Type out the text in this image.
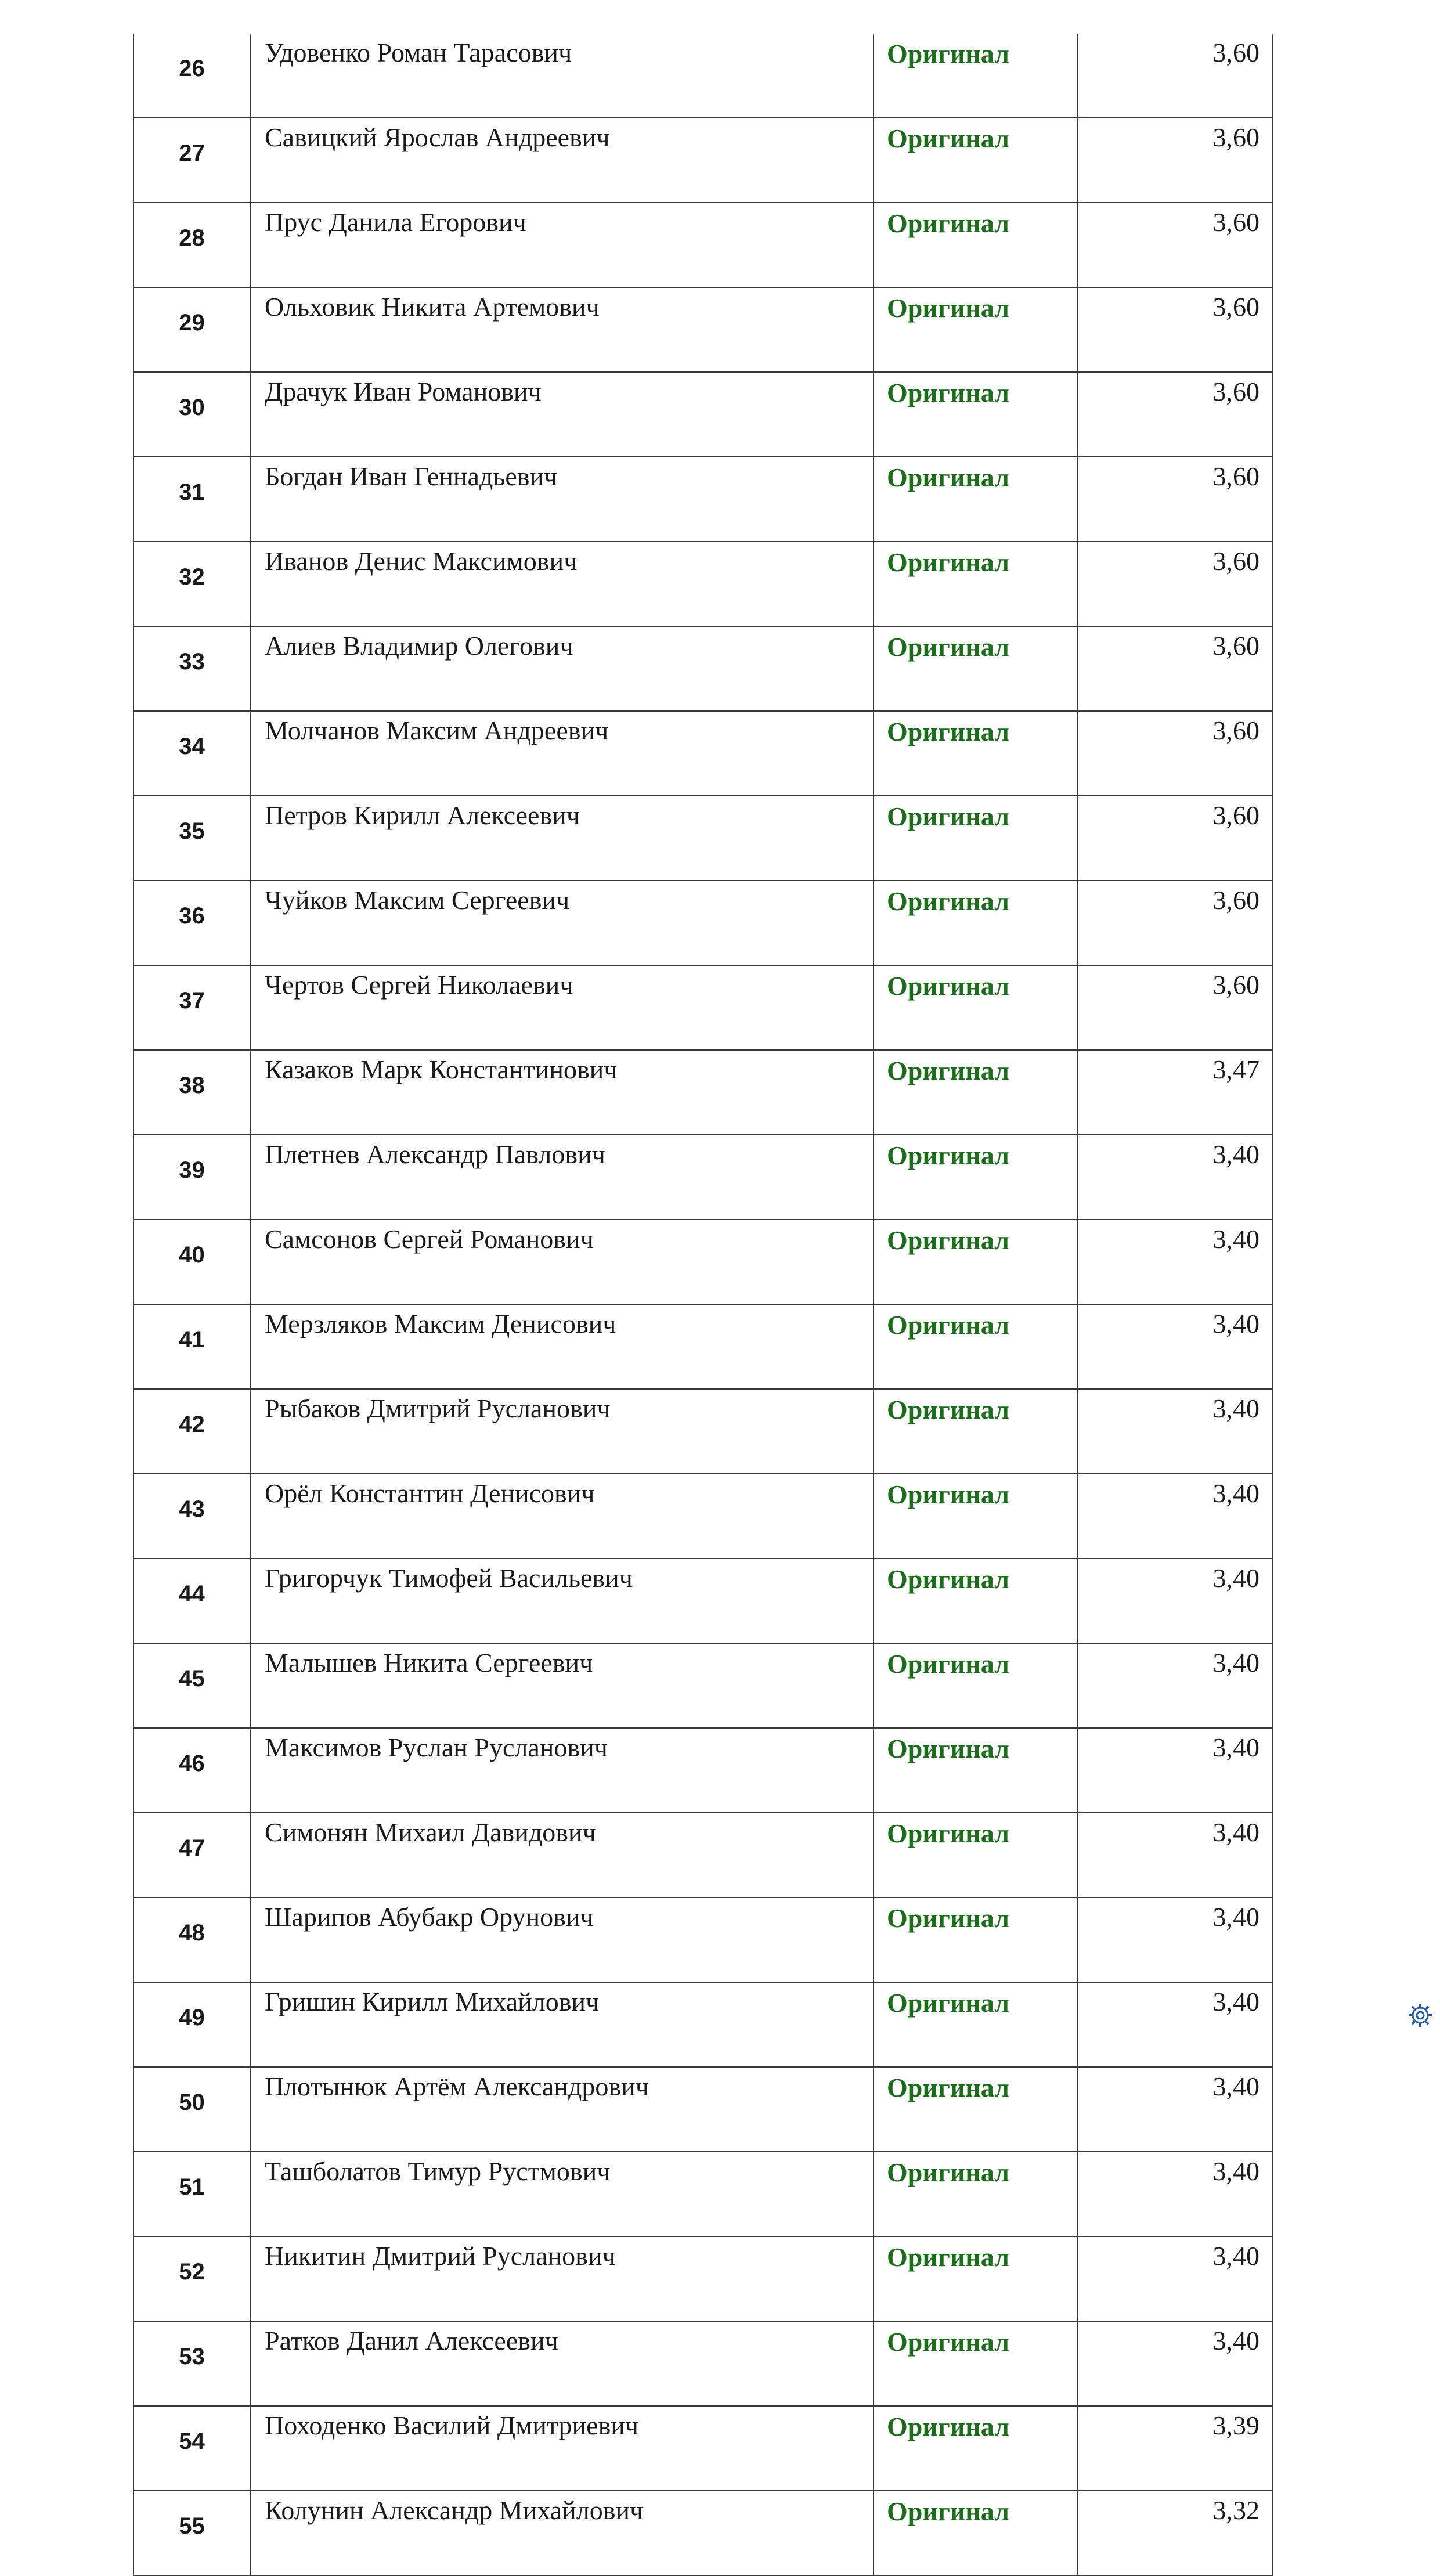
26	Удовенко Роман Тарасович	Оригинал	3,60
27	Савицкий Ярослав Андреевич	Оригинал	3,60
28	Прус Данила Егорович	Оригинал	3,60
29	Ольховик Никита Артемович	Оригинал	3,60
30	Драчук Иван Романович	Оригинал	3,60
31	Богдан Иван Геннадьевич	Оригинал	3,60
32	Иванов Денис Максимович	Оригинал	3,60
33	Алиев Владимир Олегович	Оригинал	3,60
34	Молчанов Максим Андреевич	Оригинал	3,60
35	Петров Кирилл Алексеевич	Оригинал	3,60
36	Чуйков Максим Сергеевич	Оригинал	3,60
37	Чертов Сергей Николаевич	Оригинал	3,60
38	Казаков Марк Константинович	Оригинал	3,47
39	Плетнев Александр Павлович	Оригинал	3,40
40	Самсонов Сергей Романович	Оригинал	3,40
41	Мерзляков Максим Денисович	Оригинал	3,40
42	Рыбаков Дмитрий Русланович	Оригинал	3,40
43	Орёл Константин Денисович	Оригинал	3,40
44	Григорчук Тимофей Васильевич	Оригинал	3,40
45	Малышев Никита Сергеевич	Оригинал	3,40
46	Максимов Руслан Русланович	Оригинал	3,40
47	Симонян Михаил Давидович	Оригинал	3,40
48	Шарипов Абубакр Орунович	Оригинал	3,40
49	Гришин Кирилл Михайлович	Оригинал	3,40
50	Плотынюк Артём Александрович	Оригинал	3,40
51	Ташболатов Тимур Рустмович	Оригинал	3,40
52	Никитин Дмитрий Русланович	Оригинал	3,40
53	Ратков Данил Алексеевич	Оригинал	3,40
54	Походенко Василий Дмитриевич	Оригинал	3,39
55	Колунин Александр Михайлович	Оригинал	3,32
